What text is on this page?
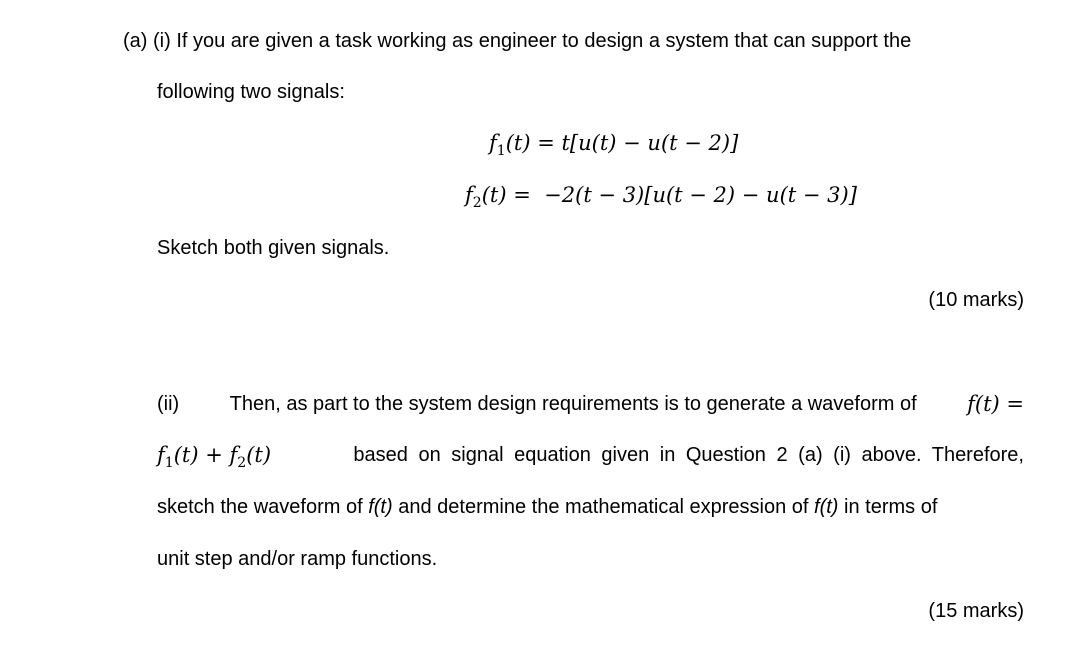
(a) (i) If you are given a task working as engineer to design a system that can support the
following two signals:
$f_1(t) = t[u(t) - u(t - 2)]$
$f_2(t) = -2(t - 3)[u(t - 2) - u(t - 3)]$
Sketch both given signals.
(10 marks)
(ii)	Then, as part to the system design requirements is to generate a waveform of f(t) =
$f_1(t) + f_2(t)$	based on signal equation given in Question 2 (a) (i) above. Therefore,
sketch the waveform of f(t) and determine the mathematical expression of f(t) in terms of
unit step and/or ramp functions.
(15 marks)
